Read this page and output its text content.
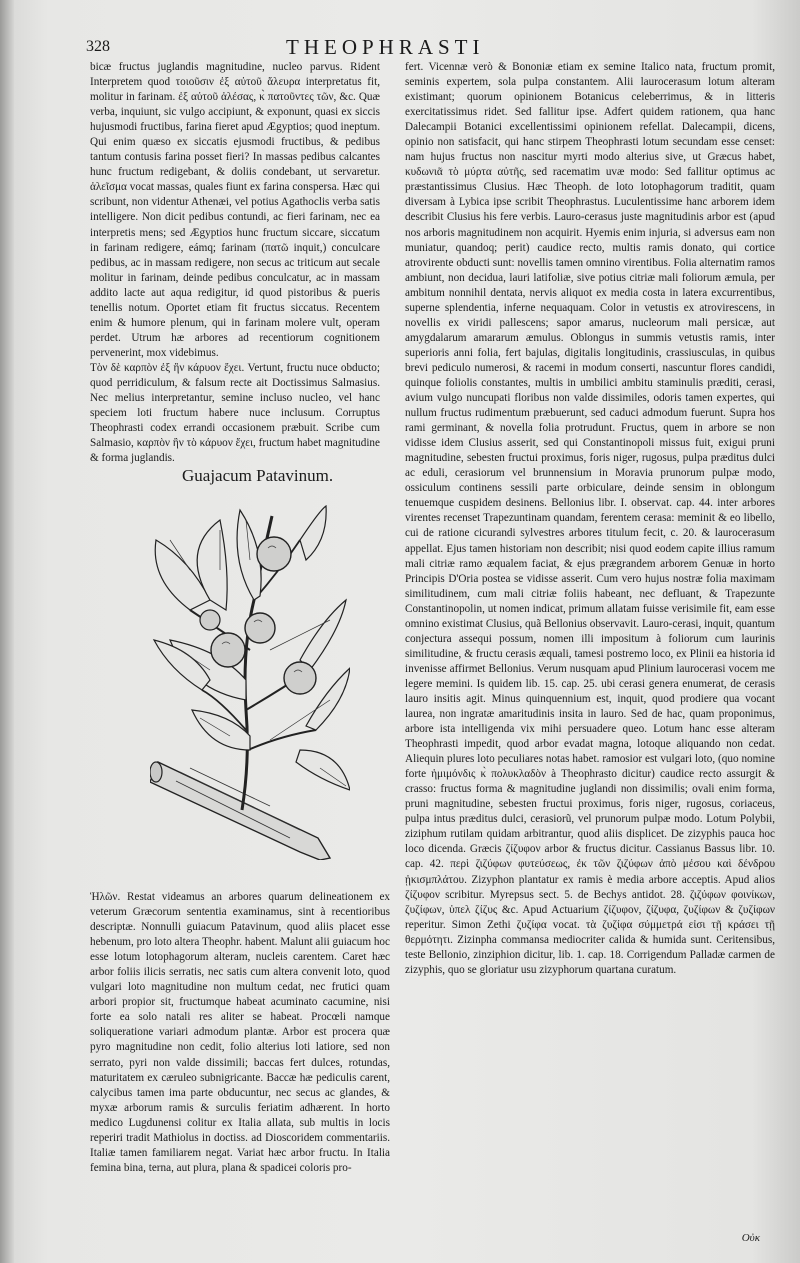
328	THEOPHRASTI

bicæ fructus juglandis magnitudine, nucleo parvus. Rident Interpretem quod τοιοῦσιν ἐξ αὐτοῦ ἄλευρα interpretatus fit, molitur in farinam. ἐξ αὐτοῦ ἀλέσας, κ̀ πατοῦντες τῶν, &c. Quæ verba, inquiunt, sic vulgo accipiunt, & exponunt, quasi ex siccis hujusmodi fructibus, farina fieret apud Ægyptios; quod ineptum. Qui enim quæso ex siccatis ejusmodi fructibus, & pedibus tantum contusis farina posset fieri? In massas pedibus calcantes hunc fructum redigebant, & doliis condebant, ut servaretur. ἀλεῖσμα vocat massas, quales fiunt ex farina conspersa. Hæc qui scribunt, non videntur Athenæi, vel potius Agathoclis verba satis intelligere. Non dicit pedibus contundi, ac fieri farinam, nec ea interpretis mens; sed Ægyptios hunc fructum siccare, siccatum in farinam redigere, eámq; farinam (πατῶ inquit,) conculcare pedibus, ac in massam redigere, non secus ac triticum aut secale molitur in farinam, deinde pedibus conculcatur, ac in massam addito lacte aut aqua redigitur, id quod pistoribus & pueris tenellis notum. Oportet etiam fit fructus siccatus. Recentem enim & humore plenum, qui in farinam molere vult, operam perdet. Utrum hæ arbores ad recentiorum cognitionem pervenerint, mox videbimus.

Τὸν δὲ καρπὸν ἐξ ἣν κάρυον ἔχει. Vertunt, fructu nuce obducto; quod perridiculum, & falsum recte ait Doctissimus Salmasius. Nec melius interpretantur, semine incluso nucleo, vel hanc speciem loti fructum habere nuce inclusum. Corruptus Theophrasti codex errandi occasionem præbuit. Scribe cum Salmasio, καρπὸν ἢν τὸ κάρυον ἔχει, fructum habet magnitudine & forma juglandis.

Guajacum Patavinum.

Ἡλῶν. Restat videamus an arbores quarum delineationem ex veterum Græcorum sententia examinamus, sint à recentioribus descriptæ. Nonnulli guiacum Patavinum, quod aliis placet esse hebenum, pro loto altera Theophr. habent. Malunt alii guiacum hoc esse lotum lotophagorum alteram, nucleis carentem. Caret hæc arbor foliis ilicis serratis, nec satis cum altera convenit loto, quod vulgari loto magnitudine non multum cedat, nec frutici quam arbori propior sit, fructumque habeat acuminato cacumine, nisi forte ea solo natali res aliter se habeat. Procœli namque soliqueratione variari admodum plantæ. Arbor est procera quæ pyro magnitudine non cedit, folio alterius loti latiore, sed non serrato, pyri non valde dissimili; baccas fert dulces, rotundas, maturitatem ex cæruleo subnigricante. Baccæ hæ pediculis carent, calycibus tamen ima parte obducuntur, nec secus ac glandes, & myxæ arborum ramis & surculis feriatim adhærent. In horto medico Lugdunensi colitur ex Italia allata, sub multis in locis reperiri tradit Mathiolus in doctiss. ad Dioscoridem commentariis. Italiæ tamen familiarem negat. Variat hæc arbor fructu. In Italia femina bina, terna, aut plura, plana & spadicei coloris pro-

fert. Vicennæ verò & Bononiæ etiam ex semine Italico nata, fructum promit, seminis expertem, sola pulpa constantem. Alii laurocerasum lotum alteram existimant; quorum opinionem Botanicus celeberrimus, & in litteris exercitatissimus ridet. Sed fallitur ipse. Adfert quidem rationem, qua hanc Dalecampii Botanici excellentissimi opinionem refellat. Dalecampii, dicens, opinio non satisfacit, qui hanc stirpem Theophrasti lotum secundam esse censet: nam hujus fructus non nascitur myrti modo alterius sive, ut Græcus habet, κυδωνιᾶ τὸ μύρτα αὐτῆς, sed racematim uvæ modo: Sed fallitur optimus ac præstantissimus Clusius. Hæc Theoph. de loto lotophagorum traditit, quam diversam à Lybica ipse scribit Theophrastus. Luculentissime hanc arborem idem describit Clusius his fere verbis. Lauro-cerasus juste magnitudinis arbor est (apud nos arboris magnitudinem non acquirit. Hyemis enim injuria, si adversus eam non muniatur, quandoq; perit) caudice recto, multis ramis donato, qui cortice atrovirente obducti sunt: novellis tamen omnino virentibus. Folia alternatim ramos ambiunt, non decidua, lauri latifoliæ, sive potius citriæ mali foliorum æmula, per ambitum nonnihil dentata, nervis aliquot ex media costa in latera excurrentibus, superne splendentia, inferne nequaquam. Color in vetustis ex atrovirescens, in novellis ex viridi pallescens; sapor amarus, nucleorum mali persicæ, aut amygdalarum amararum æmulus. Oblongus in summis vetustis ramis, inter superioris anni folia, fert bajulas, digitalis longitudinis, crassiusculas, in quibus brevi pediculo numerosi, & racemi in modum conserti, nascuntur flores candidi, quinque foliolis constantes, multis in umbilici ambitu staminulis præditi, cerasi, avium vulgo nuncupati floribus non valde dissimiles, odoris tamen expertes, qui nullum fructus rudimentum præbuerunt, sed caduci admodum fuerunt. Supra hos rami germinant, & novella folia protrudunt. Fructus, quem in arbore se non vidisse idem Clusius asserit, sed qui Constantinopoli missus fuit, exigui pruni magnitudine, sebesten fructui proximus, foris niger, rugosus, pulpa præditus dulci ac eduli, cerasiorum vel brunnensium in Moravia prunorum pulpæ modo, ossiculum continens sessili parte orbiculare, deinde sensim in oblongum tenuemque cuspidem desinens. Bellonius libr. I. observat. cap. 44. inter arbores virentes recenset Trapezuntinam quandam, ferentem cerasa: meminit & eo libello, cui de ratione cicurandi sylvestres arbores titulum fecit, c. 20. & laurocerasum appellat. Ejus tamen historiam non describit; nisi quod eodem capite illius ramum mali citriæ ramo æqualem faciat, & ejus prægrandem arborem Genuæ in horto Principis D'Oria postea se vidisse asserit. Cum vero hujus nostræ folia maximam similitudinem, cum mali citriæ foliis habeant, nec defluant, & Trapezunte Constantinopolin, ut nomen indicat, primum allatam fuisse verisimile fit, eam esse omnino existimat Clusius, quã Bellonius observavit. Lauro-cerasi, inquit, quantum conjectura assequi possum, nomen illi impositum à foliorum cum laurinis similitudine, & fructu cerasis æquali, tamesi postremo loco, ex Plinii ea historia id invenisse affirmet Bellonius. Verum nusquam apud Plinium laurocerasi vocem me legere memini. Is quidem lib. 15. cap. 25. ubi cerasi genera enumerat, de cerasis lauro insitis agit. Minus quinquennium est, inquit, quod prodiere qua vocant laurea, non ingratæ amaritudinis insita in lauro. Sed de hac, quam proponimus, arbore ista intelligenda vix mihi persuadere queo. Lotum hanc esse alteram Theophrasti impedit, quod arbor evadat magna, lotoque aliquando non cedat. Aliequin plures loto peculiares notas habet. ramosior est vulgari loto, (quo nomine forte ἡμιμόνδις κ̀ πολυκλαδὸν à Theophrasto dicitur) caudice recto assurgit & crasso: fructus forma & magnitudine juglandi non dissimilis; ovali enim forma, pruni magnitudine, sebesten fructui proximus, foris niger, rugosus, coriaceus, pulpa intus præditus dulci, cerasiorũ, vel prunorum pulpæ modo. Lotum Polybii, ziziphum rutilam quidam arbitrantur, quod aliis displicet. De zizyphis pauca hoc loco dicenda. Græcis ζίζυφον arbor & fructus dicitur. Cassianus Bassus libr. 10. cap. 42. περὶ ζιζύφων φυτεύσεως, ἐκ τῶν ζιζύφων ἀπὸ μέσου καὶ δένδρου ᾐκισμπλάτου. Zizyphon plantatur ex ramis è media arbore acceptis. Apud alios ζίζυφον scribitur. Myrepsus sect. 5. de Bechys antidot. 28. ζιζύφων φοινίκων, ζυζίφων, ὑπελ ζίζυς &c. Apud Actuarium ζίζυφον, ζίζυφα, ζυζίφων & ζυζίφων reperitur. Simon Zethi ζυζίφα vocat. τὰ ζυζίφα σύμμετρά εἰσι τῇ κράσει τῇ θερμότητι. Zizinpha commansa mediocriter calida & humida sunt. Ceritensibus, teste Bellonio, zinziphion dicitur, lib. 1. cap. 18. Corrigendum Palladæ carmen de zizyphis, quo se gloriatur usu zizyphorum quartana curatum.

Οὐκ
